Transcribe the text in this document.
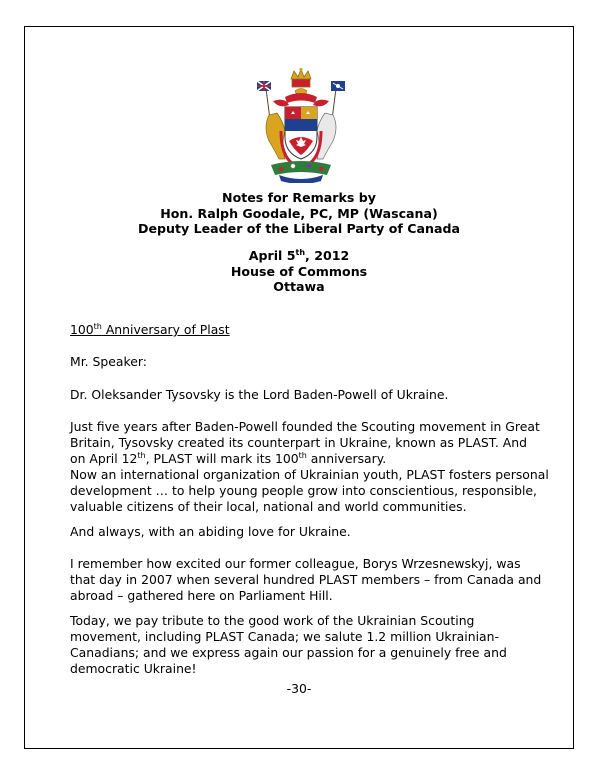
Notes for Remarks by
Hon. Ralph Goodale, PC, MP (Wascana)
Deputy Leader of the Liberal Party of Canada
April 5th, 2012
House of Commons
Ottawa
100th Anniversary of Plast
Mr. Speaker:
Dr. Oleksander Tysovsky is the Lord Baden-Powell of Ukraine.
Just five years after Baden-Powell founded the Scouting movement in Great
Britain, Tysovsky created its counterpart in Ukraine, known as PLAST. And
on April 12th, PLAST will mark its 100th anniversary.
Now an international organization of Ukrainian youth, PLAST fosters personal
development … to help young people grow into conscientious, responsible,
valuable citizens of their local, national and world communities.
And always, with an abiding love for Ukraine.
I remember how excited our former colleague, Borys Wrzesnewskyj, was
that day in 2007 when several hundred PLAST members – from Canada and
abroad – gathered here on Parliament Hill.
Today, we pay tribute to the good work of the Ukrainian Scouting
movement, including PLAST Canada; we salute 1.2 million Ukrainian-
Canadians; and we express again our passion for a genuinely free and
democratic Ukraine!
-30-
